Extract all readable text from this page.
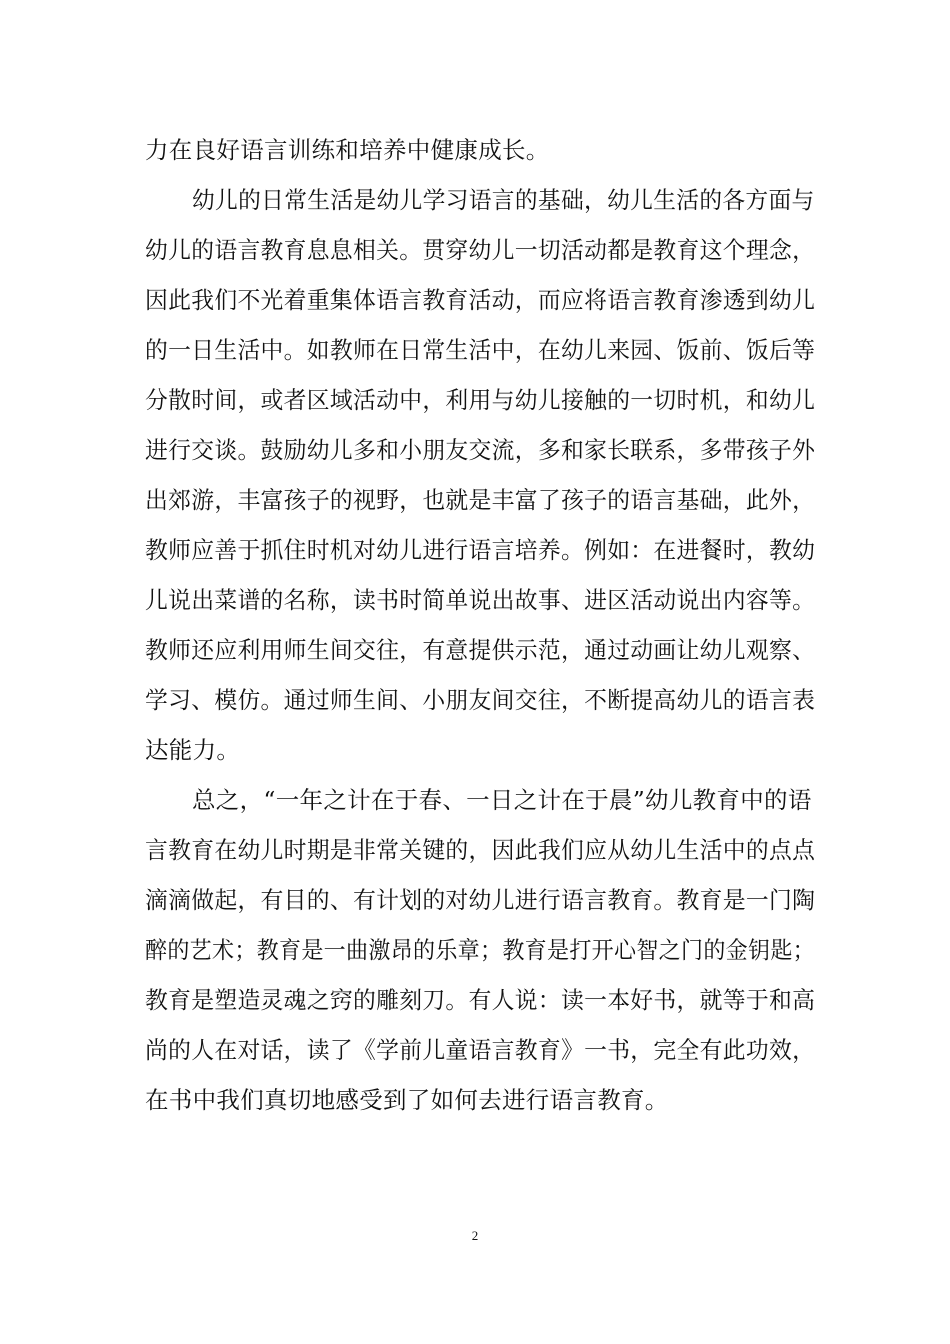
力在良好语言训练和培养中健康成长。
幼儿的日常生活是幼儿学习语言的基础，幼儿生活的各方面与
幼儿的语言教育息息相关。贯穿幼儿一切活动都是教育这个理念，
因此我们不光着重集体语言教育活动，而应将语言教育渗透到幼儿
的一日生活中。如教师在日常生活中，在幼儿来园、饭前、饭后等
分散时间，或者区域活动中，利用与幼儿接触的一切时机，和幼儿
进行交谈。鼓励幼儿多和小朋友交流，多和家长联系，多带孩子外
出郊游，丰富孩子的视野，也就是丰富了孩子的语言基础，此外，
教师应善于抓住时机对幼儿进行语言培养。例如：在进餐时，教幼
儿说出菜谱的名称，读书时简单说出故事、进区活动说出内容等。
教师还应利用师生间交往，有意提供示范，通过动画让幼儿观察、
学习、模仿。通过师生间、小朋友间交往，不断提高幼儿的语言表
达能力。
总之，“一年之计在于春、一日之计在于晨”幼儿教育中的语
言教育在幼儿时期是非常关键的，因此我们应从幼儿生活中的点点
滴滴做起，有目的、有计划的对幼儿进行语言教育。教育是一门陶
醉的艺术；教育是一曲激昂的乐章；教育是打开心智之门的金钥匙；
教育是塑造灵魂之窍的雕刻刀。有人说：读一本好书，就等于和高
尚的人在对话，读了《学前儿童语言教育》一书，完全有此功效，
在书中我们真切地感受到了如何去进行语言教育。
2
